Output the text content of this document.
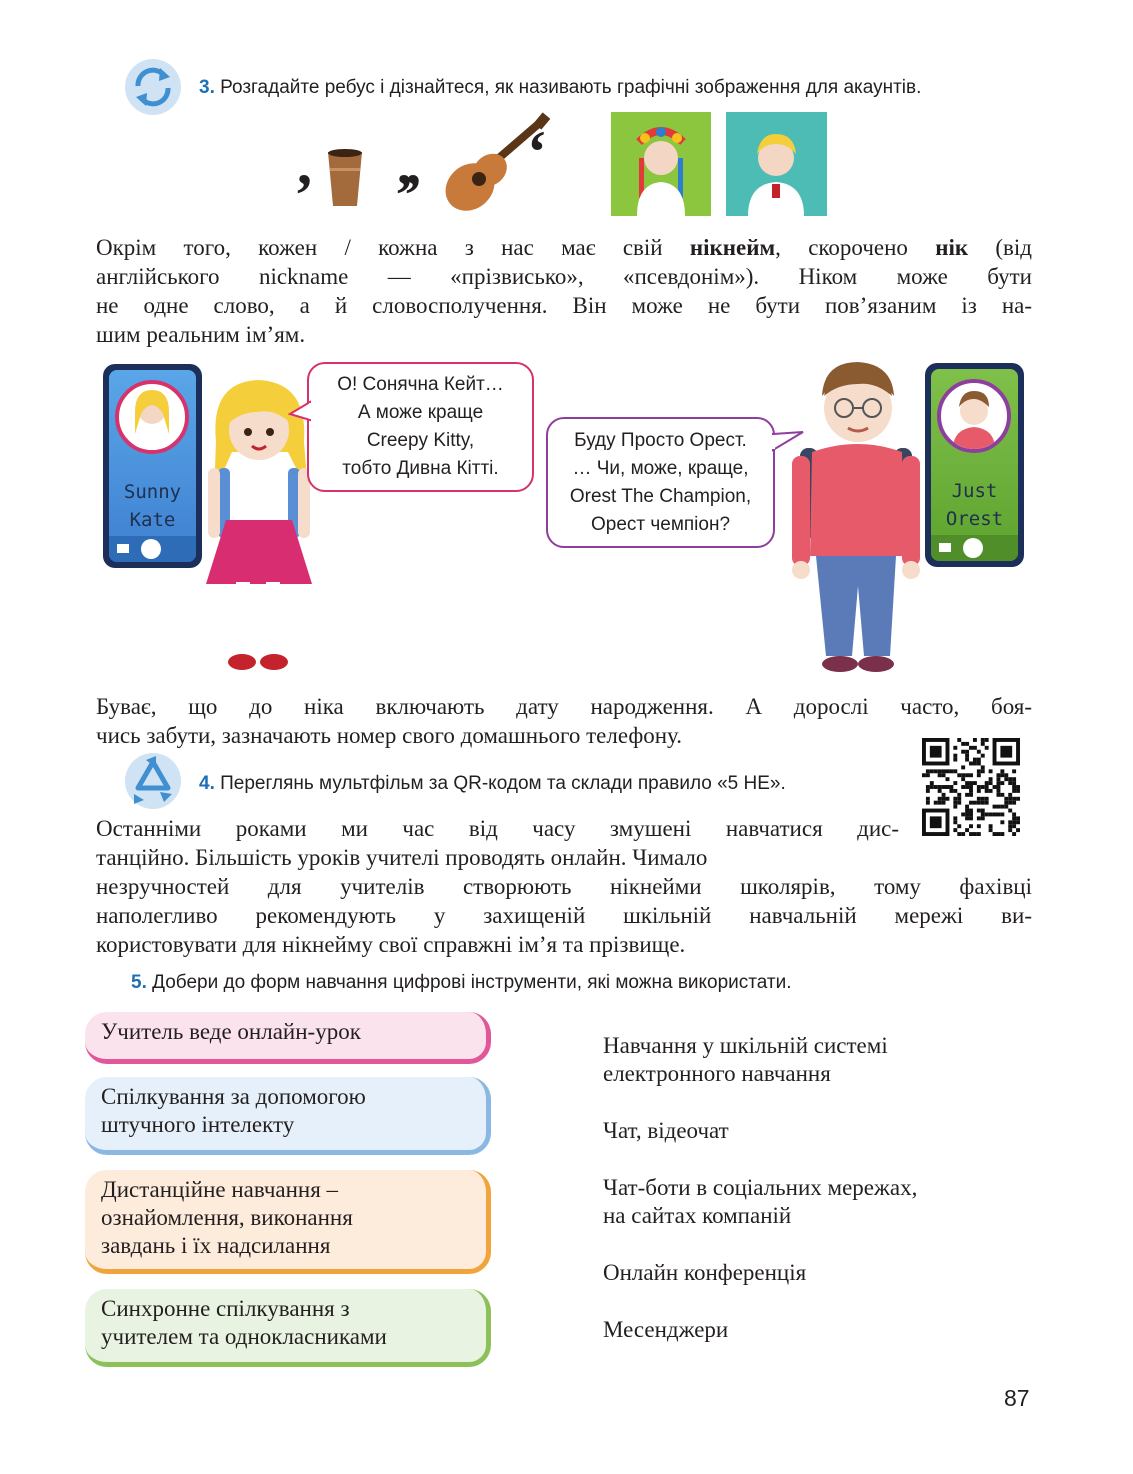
3. Розгадайте ребус і дізнайтеся, як називають графічні зображення для акаунтів.
, ,, ‘
Окрім того, кожен / кожна з нас має свій нікнейм, скорочено нік (від
англійського nickname — «прізвисько», «псевдонім»). Ніком може бути
не одне слово, а й словосполучення. Він може не бути пов’язаним із на-
шим реальним ім’ям.
Sunny
Kate
О! Сонячна Кейт…
А може краще
Creepy Kitty,
тобто Дивна Кітті.
Буду Просто Орест.
… Чи, може, краще,
Orest The Champion,
Орест чемпіон?
Just
Orest
Буває, що до ніка включають дату народження. А дорослі часто, боя-
чись забути, зазначають номер свого домашнього телефону.
4. Переглянь мультфільм за QR-кодом та склади правило «5 НЕ».
Останніми роками ми час від часу змушені навчатися дис-
танційно. Більшість уроків учителі проводять онлайн. Чимало
незручностей для учителів створюють нікнейми школярів, тому фахівці
наполегливо рекомендують у захищеній шкільній навчальній мережі ви-
користовувати для нікнейму свої справжні ім’я та прізвище.
5. Добери до форм навчання цифрові інструменти, які можна використати.
Учитель веде онлайн-урок
Спілкування за допомогою
штучного інтелекту
Дистанційне навчання –
ознайомлення, виконання
завдань і їх надсилання
Синхронне спілкування з
учителем та однокласниками
Навчання у шкільній системі
електронного навчання
Чат, відеочат
Чат-боти в соціальних мережах,
на сайтах компаній
Онлайн конференція
Месенджери
87
